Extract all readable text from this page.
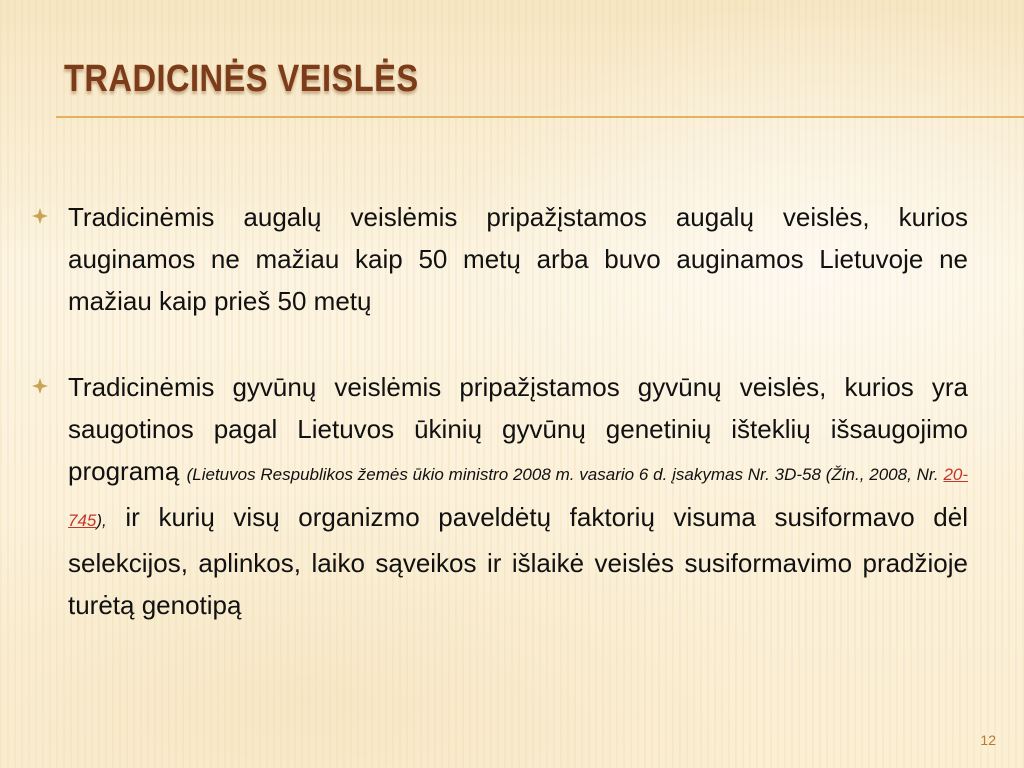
TRADICINĖS VEISLĖS
Tradicinėmis augalų veislėmis pripažįstamos augalų veislės, kurios auginamos ne mažiau kaip 50 metų arba buvo auginamos Lietuvoje ne mažiau kaip prieš 50 metų
Tradicinėmis gyvūnų veislėmis pripažįstamos gyvūnų veislės, kurios yra saugotinos pagal Lietuvos ūkinių gyvūnų genetinių išteklių išsaugojimo programą (Lietuvos Respublikos žemės ūkio ministro 2008 m. vasario 6 d. įsakymas Nr. 3D-58 (Žin., 2008, Nr. 20-745), ir kurių visų organizmo paveldėtų faktorių visuma susiformavo dėl selekcijos, aplinkos, laiko sąveikos ir išlaikė veislės susiformavimo pradžioje turėtą genotipą
12
